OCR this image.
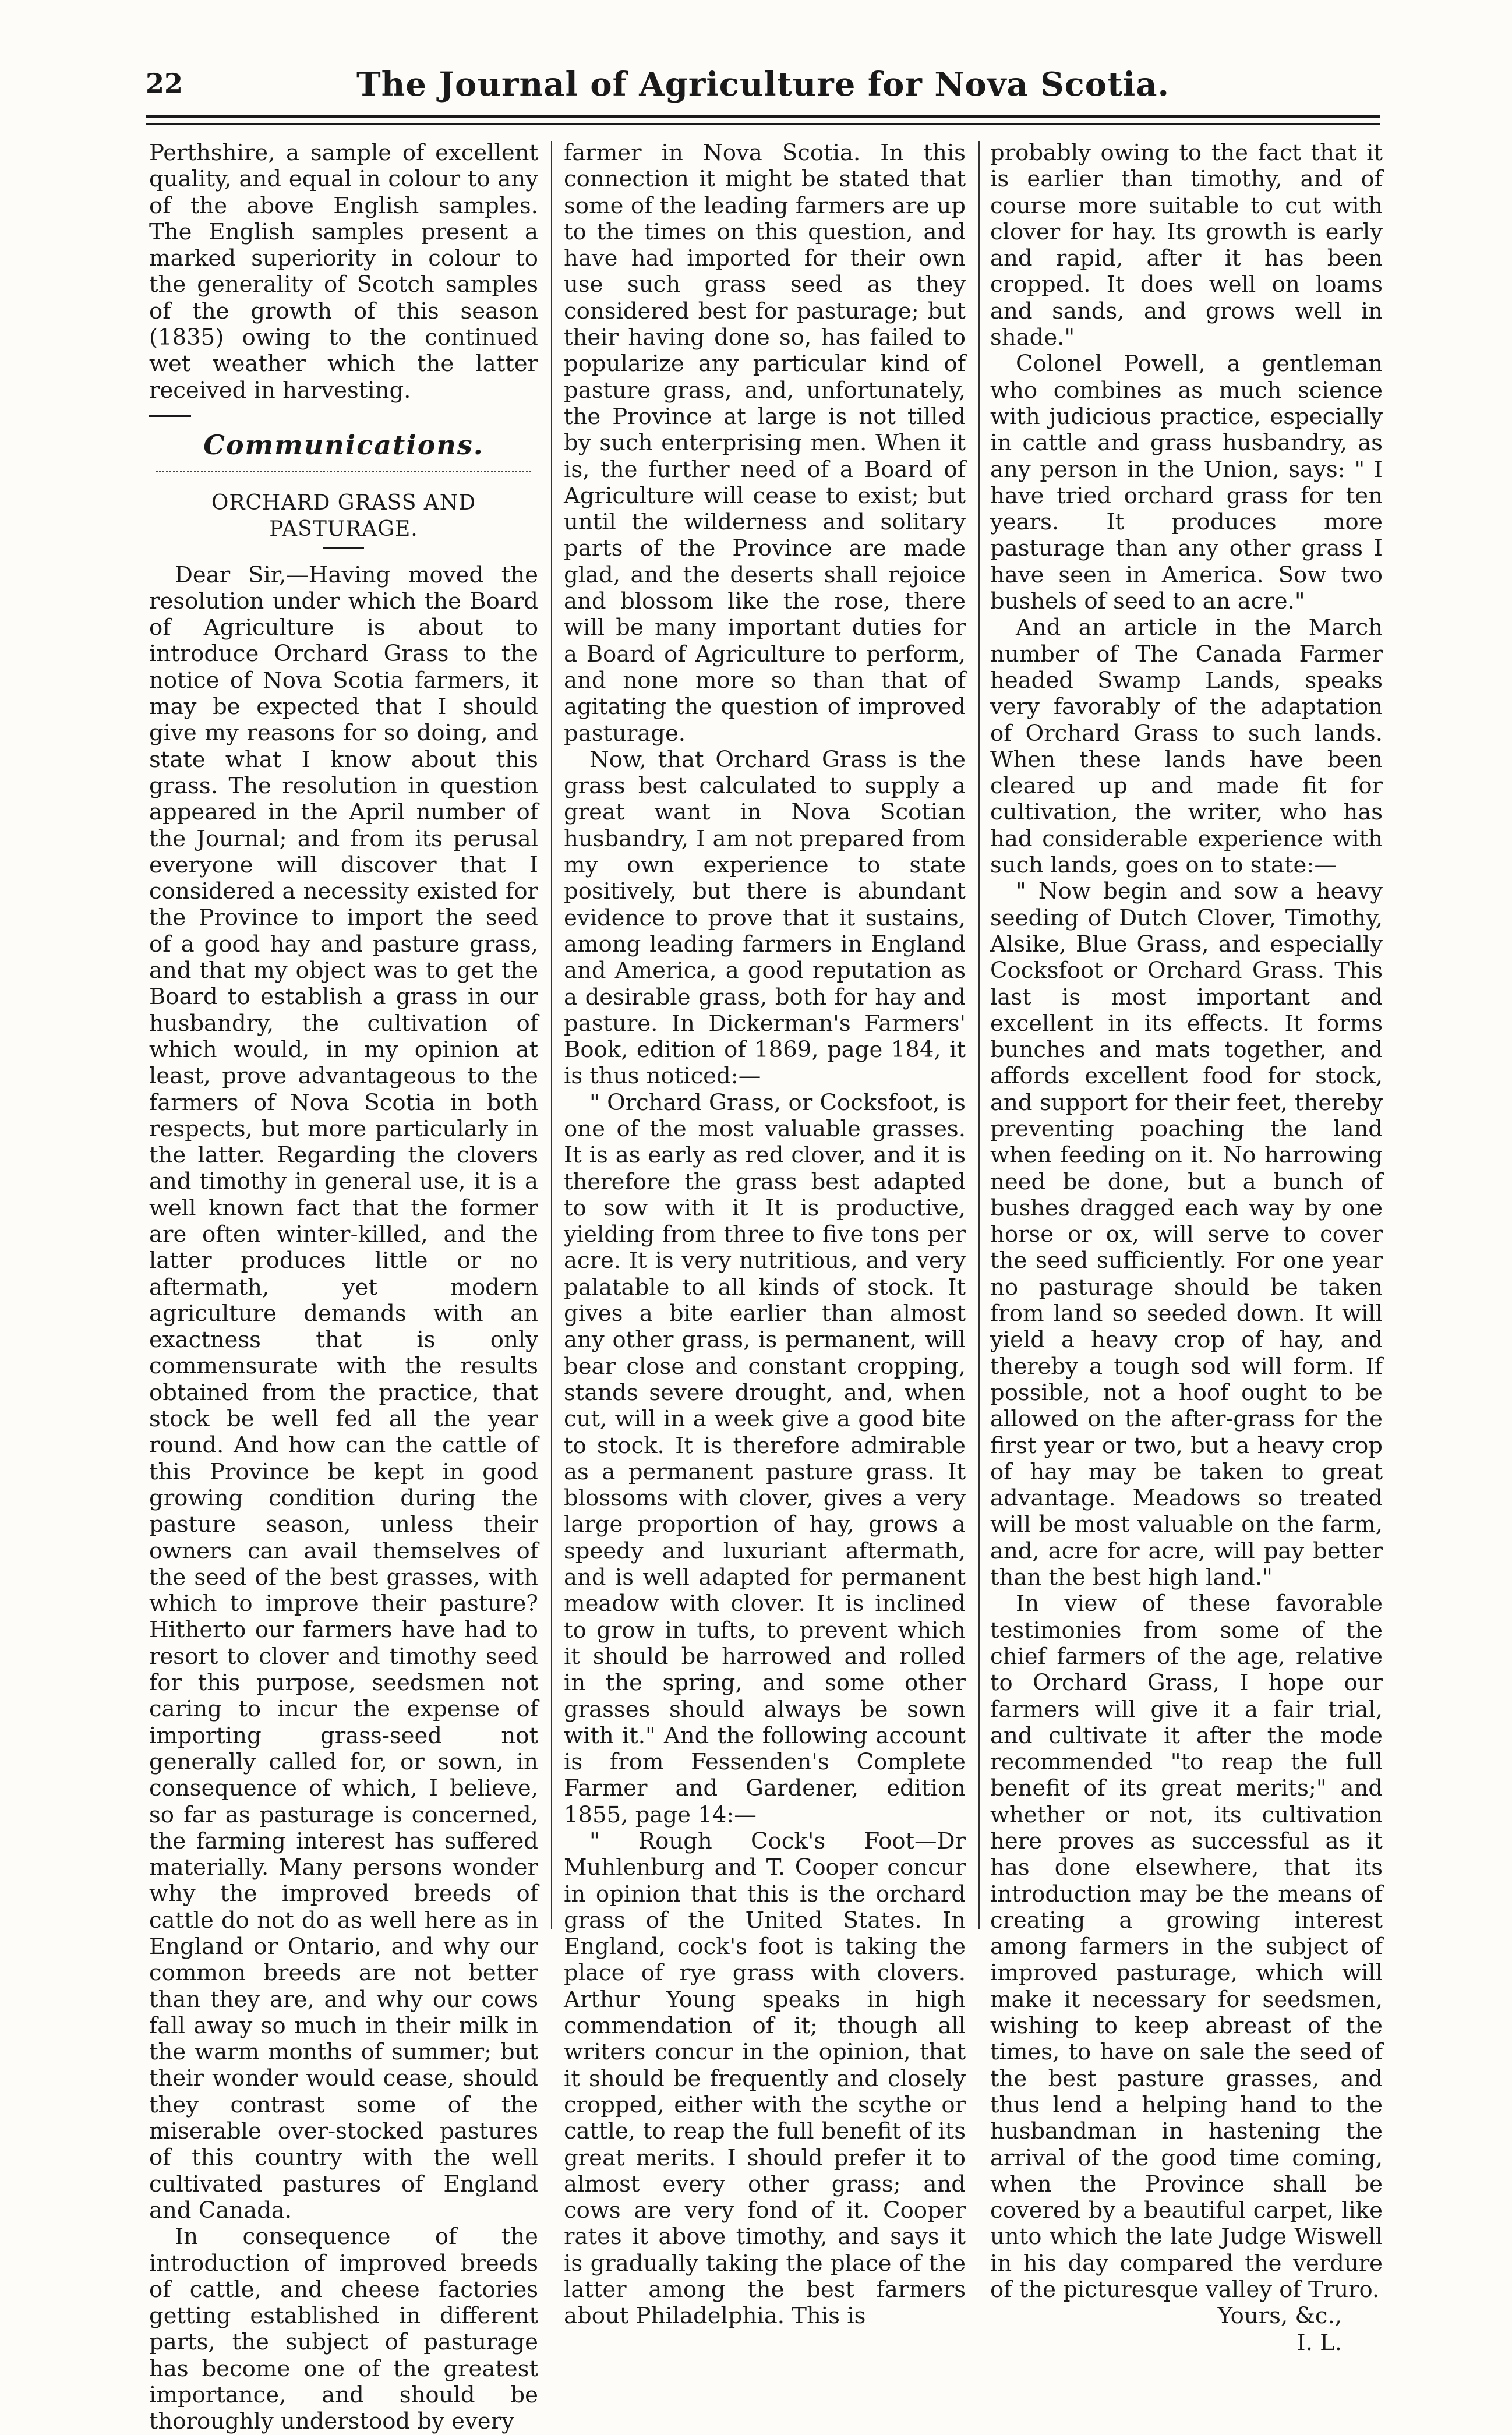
22	The Journal of Agriculture for Nova Scotia.

Perthshire, a sample of excellent quality, and equal in colour to any of the above English samples. The English samples present a marked superiority in colour to the generality of Scotch samples of the growth of this season (1835) owing to the continued wet weather which the latter received in harvesting.

Communications.

ORCHARD GRASS AND PASTURAGE.

Dear Sir,—Having moved the resolution under which the Board of Agriculture is about to introduce Orchard Grass to the notice of Nova Scotia farmers, it may be expected that I should give my reasons for so doing, and state what I know about this grass. The resolution in question appeared in the April number of the Journal; and from its perusal everyone will discover that I considered a necessity existed for the Province to import the seed of a good hay and pasture grass, and that my object was to get the Board to establish a grass in our husbandry, the cultivation of which would, in my opinion at least, prove advantageous to the farmers of Nova Scotia in both respects, but more particularly in the latter. Regarding the clovers and timothy in general use, it is a well known fact that the former are often winter-killed, and the latter produces little or no aftermath, yet modern agriculture demands with an exactness that is only commensurate with the results obtained from the practice, that stock be well fed all the year round. And how can the cattle of this Province be kept in good growing condition during the pasture season, unless their owners can avail themselves of the seed of the best grasses, with which to improve their pasture? Hitherto our farmers have had to resort to clover and timothy seed for this purpose, seedsmen not caring to incur the expense of importing grass-seed not generally called for, or sown, in consequence of which, I believe, so far as pasturage is concerned, the farming interest has suffered materially. Many persons wonder why the improved breeds of cattle do not do as well here as in England or Ontario, and why our common breeds are not better than they are, and why our cows fall away so much in their milk in the warm months of summer; but their wonder would cease, should they contrast some of the miserable over-stocked pastures of this country with the well cultivated pastures of England and Canada.

In consequence of the introduction of improved breeds of cattle, and cheese factories getting established in different parts, the subject of pasturage has become one of the greatest importance, and should be thoroughly understood by every

farmer in Nova Scotia. In this connection it might be stated that some of the leading farmers are up to the times on this question, and have had imported for their own use such grass seed as they considered best for pasturage; but their having done so, has failed to popularize any particular kind of pasture grass, and, unfortunately, the Province at large is not tilled by such enterprising men. When it is, the further need of a Board of Agriculture will cease to exist; but until the wilderness and solitary parts of the Province are made glad, and the deserts shall rejoice and blossom like the rose, there will be many important duties for a Board of Agriculture to perform, and none more so than that of agitating the question of improved pasturage.

Now, that Orchard Grass is the grass best calculated to supply a great want in Nova Scotian husbandry, I am not prepared from my own experience to state positively, but there is abundant evidence to prove that it sustains, among leading farmers in England and America, a good reputation as a desirable grass, both for hay and pasture. In Dickerman's Farmers' Book, edition of 1869, page 184, it is thus noticed:—

" Orchard Grass, or Cocksfoot, is one of the most valuable grasses. It is as early as red clover, and it is therefore the grass best adapted to sow with it It is productive, yielding from three to five tons per acre. It is very nutritious, and very palatable to all kinds of stock. It gives a bite earlier than almost any other grass, is permanent, will bear close and constant cropping, stands severe drought, and, when cut, will in a week give a good bite to stock. It is therefore admirable as a permanent pasture grass. It blossoms with clover, gives a very large proportion of hay, grows a speedy and luxuriant aftermath, and is well adapted for permanent meadow with clover. It is inclined to grow in tufts, to prevent which it should be harrowed and rolled in the spring, and some other grasses should always be sown with it." And the following account is from Fessenden's Complete Farmer and Gardener, edition 1855, page 14:—

" Rough Cock's Foot—Dr Muhlenburg and T. Cooper concur in opinion that this is the orchard grass of the United States. In England, cock's foot is taking the place of rye grass with clovers. Arthur Young speaks in high commendation of it; though all writers concur in the opinion, that it should be frequently and closely cropped, either with the scythe or cattle, to reap the full benefit of its great merits. I should prefer it to almost every other grass; and cows are very fond of it. Cooper rates it above timothy, and says it is gradually taking the place of the latter among the best farmers about Philadelphia. This is

probably owing to the fact that it is earlier than timothy, and of course more suitable to cut with clover for hay. Its growth is early and rapid, after it has been cropped. It does well on loams and sands, and grows well in shade."

Colonel Powell, a gentleman who combines as much science with judicious practice, especially in cattle and grass husbandry, as any person in the Union, says: " I have tried orchard grass for ten years. It produces more pasturage than any other grass I have seen in America. Sow two bushels of seed to an acre."

And an article in the March number of The Canada Farmer headed Swamp Lands, speaks very favorably of the adaptation of Orchard Grass to such lands. When these lands have been cleared up and made fit for cultivation, the writer, who has had considerable experience with such lands, goes on to state:—

" Now begin and sow a heavy seeding of Dutch Clover, Timothy, Alsike, Blue Grass, and especially Cocksfoot or Orchard Grass. This last is most important and excellent in its effects. It forms bunches and mats together, and affords excellent food for stock, and support for their feet, thereby preventing poaching the land when feeding on it. No harrowing need be done, but a bunch of bushes dragged each way by one horse or ox, will serve to cover the seed sufficiently. For one year no pasturage should be taken from land so seeded down. It will yield a heavy crop of hay, and thereby a tough sod will form. If possible, not a hoof ought to be allowed on the after-grass for the first year or two, but a heavy crop of hay may be taken to great advantage. Meadows so treated will be most valuable on the farm, and, acre for acre, will pay better than the best high land."

In view of these favorable testimonies from some of the chief farmers of the age, relative to Orchard Grass, I hope our farmers will give it a fair trial, and cultivate it after the mode recommended "to reap the full benefit of its great merits;" and whether or not, its cultivation here proves as successful as it has done elsewhere, that its introduction may be the means of creating a growing interest among farmers in the subject of improved pasturage, which will make it necessary for seedsmen, wishing to keep abreast of the times, to have on sale the seed of the best pasture grasses, and thus lend a helping hand to the husbandman in hastening the arrival of the good time coming, when the Province shall be covered by a beautiful carpet, like unto which the late Judge Wiswell in his day compared the verdure of the picturesque valley of Truro.

Yours, &c.,

I. L.
